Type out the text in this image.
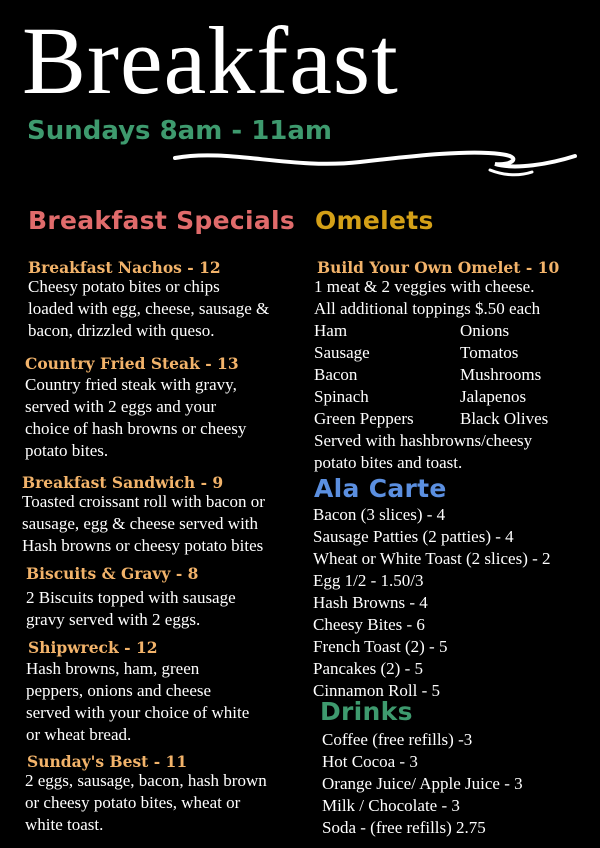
Breakfast
Sundays 8am - 11am
Breakfast Specials
Breakfast Nachos - 12
Cheesy potato bites or chips
loaded with egg, cheese, sausage &
bacon, drizzled with queso.
Country Fried Steak - 13
Country fried steak with gravy,
served with 2 eggs and your
choice of hash browns or cheesy
potato bites.
Breakfast Sandwich - 9
Toasted croissant roll with bacon or
sausage, egg & cheese served with
Hash browns or cheesy potato bites
Biscuits & Gravy - 8
2 Biscuits topped with sausage
gravy served with 2 eggs.
Shipwreck - 12
Hash browns, ham, green
peppers, onions and cheese
served with your choice of white
or wheat bread.
Sunday's Best - 11
2 eggs, sausage, bacon, hash brown
or cheesy potato bites, wheat or
white toast.
Omelets
Build Your Own Omelet - 10
1 meat & 2 veggies with cheese.
All additional toppings $.50 each
Ham
Sausage
Bacon
Spinach
Green Peppers
Onions
Tomatos
Mushrooms
Jalapenos
Black Olives
Served with hashbrowns/cheesy
potato bites and toast.
Ala Carte
Bacon (3 slices) - 4
Sausage Patties (2 patties) - 4
Wheat or White Toast (2 slices) - 2
Egg 1/2 - 1.50/3
Hash Browns - 4
Cheesy Bites - 6
French Toast (2) - 5
Pancakes (2) - 5
Cinnamon Roll - 5
Drinks
Coffee (free refills) -3
Hot Cocoa - 3
Orange Juice/ Apple Juice - 3
Milk / Chocolate - 3
Soda - (free refills) 2.75
